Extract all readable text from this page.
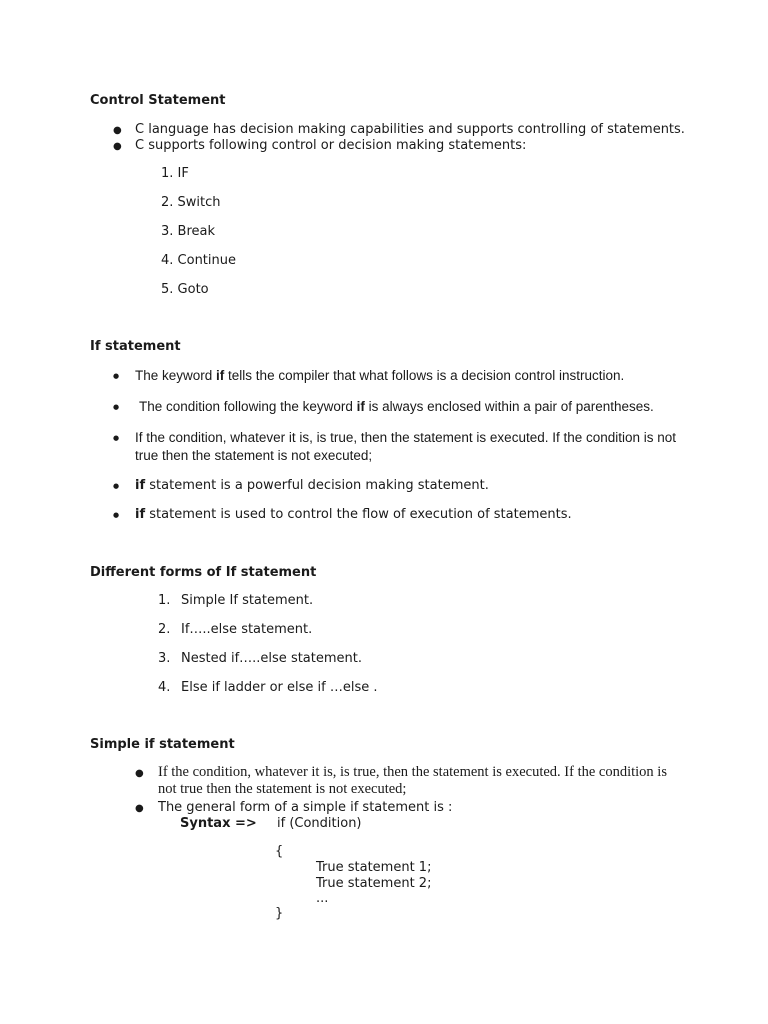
Control Statement
● C language has decision making capabilities and supports controlling of statements.
● C supports following control or decision making statements:
1. IF
2. Switch
3. Break
4. Continue
5. Goto
If statement
● The keyword if tells the compiler that what follows is a decision control instruction.
● The condition following the keyword if is always enclosed within a pair of parentheses.
● If the condition, whatever it is, is true, then the statement is executed. If the condition is not
true then the statement is not executed;
● if statement is a powerful decision making statement.
● if statement is used to control the flow of execution of statements.
Different forms of If statement
1. Simple If statement.
2. If…..else statement.
3. Nested if…..else statement.
4. Else if ladder or else if …else .
Simple if statement
● If the condition, whatever it is, is true, then the statement is executed. If the condition is
not true then the statement is not executed;
● The general form of a simple if statement is :
Syntax => if (Condition)
{
True statement 1;
True statement 2;
...
}
